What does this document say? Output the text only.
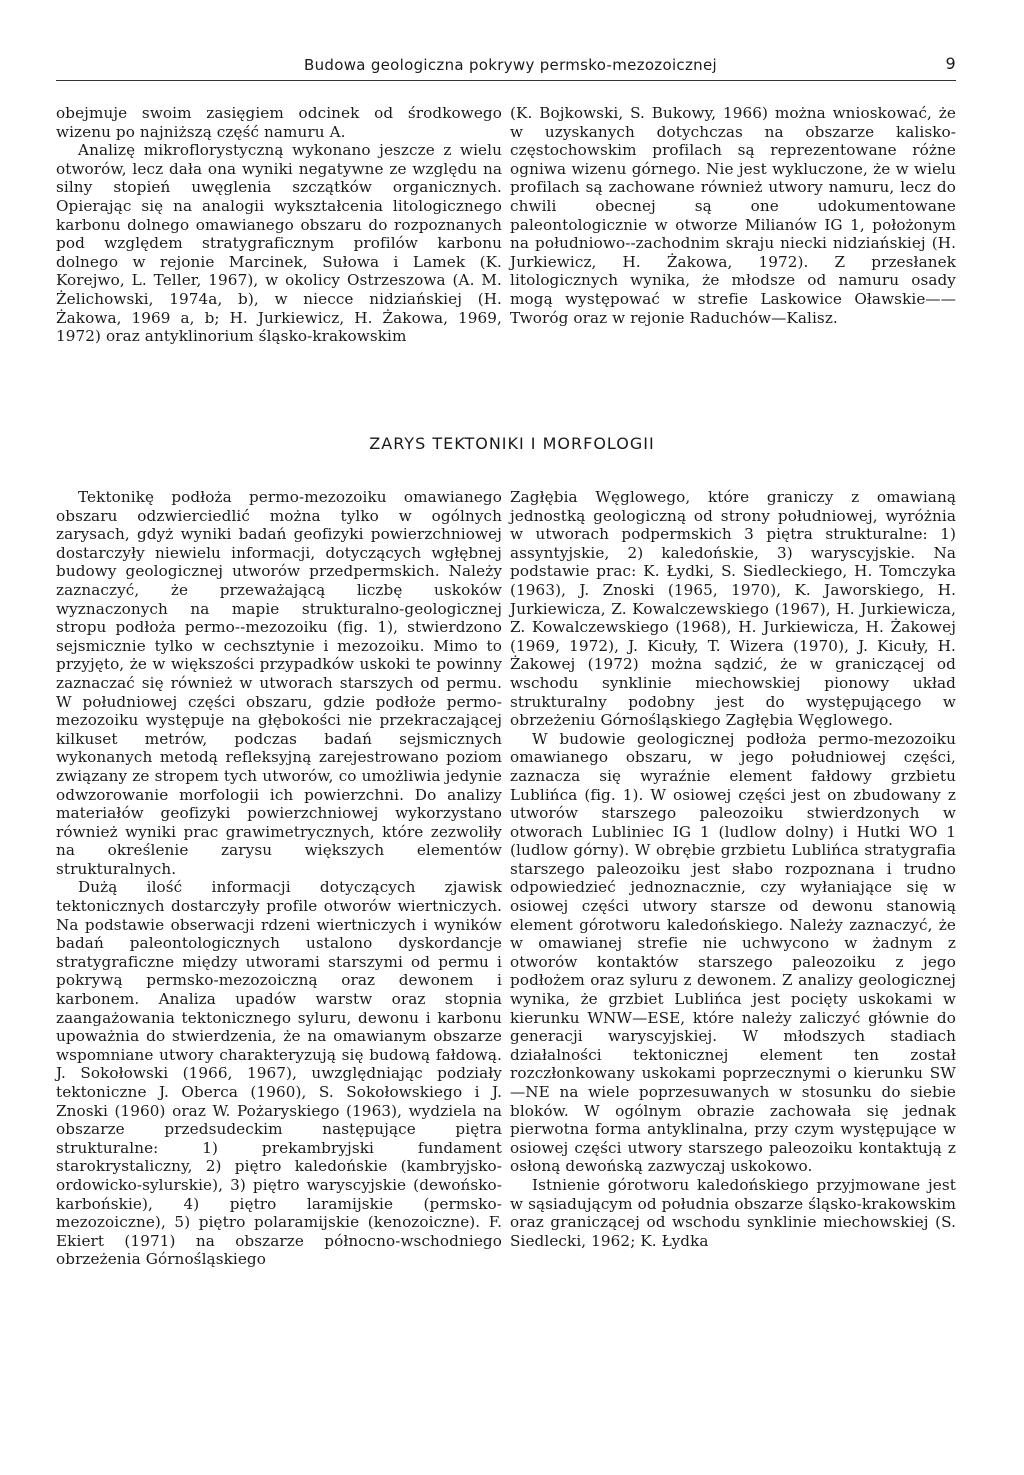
Budowa geologiczna pokrywy permsko-mezozoicznej	9

obejmuje swoim zasięgiem odcinek od środkowego wizenu po najniższą część namuru A.

Analizę mikroflorystyczną wykonano jeszcze z wielu otworów, lecz dała ona wyniki negatywne ze względu na silny stopień uwęglenia szczątków organicznych. Opierając się na analogii wykształcenia litologicznego karbonu dolnego omawianego obszaru do rozpoznanych pod względem stratygraficznym profilów karbonu dolnego w rejonie Marcinek, Sułowa i Lamek (K. Korejwo, L. Teller, 1967), w okolicy Ostrzeszowa (A. M. Żelichowski, 1974a, b), w niecce nidziańskiej (H. Żakowa, 1969 a, b; H. Jurkiewicz, H. Żakowa, 1969, 1972) oraz antyklinorium śląsko-krakowskim

(K. Bojkowski, S. Bukowy, 1966) można wnioskować, że w uzyskanych dotychczas na obszarze kalisko-częstochowskim profilach są reprezentowane różne ogniwa wizenu górnego. Nie jest wykluczone, że w wielu profilach są zachowane również utwory namuru, lecz do chwili obecnej są one udokumentowane paleontologicznie w otworze Milianów IG 1, położonym na południowo--zachodnim skraju niecki nidziańskiej (H. Jurkiewicz, H. Żakowa, 1972). Z przesłanek litologicznych wynika, że młodsze od namuru osady mogą występować w strefie Laskowice Oławskie——Tworóg oraz w rejonie Raduchów—Kalisz.

ZARYS TEKTONIKI I MORFOLOGII

Tektonikę podłoża permo-mezozoiku omawianego obszaru odzwierciedlić można tylko w ogólnych zarysach, gdyż wyniki badań geofizyki powierzchniowej dostarczyły niewielu informacji, dotyczących wgłębnej budowy geologicznej utworów przedpermskich. Należy zaznaczyć, że przeważającą liczbę uskoków wyznaczonych na mapie strukturalno-geologicznej stropu podłoża permo--mezozoiku (fig. 1), stwierdzono sejsmicznie tylko w cechsztynie i mezozoiku. Mimo to przyjęto, że w większości przypadków uskoki te powinny zaznaczać się również w utworach starszych od permu. W południowej części obszaru, gdzie podłoże permo-mezozoiku występuje na głębokości nie przekraczającej kilkuset metrów, podczas badań sejsmicznych wykonanych metodą refleksyjną zarejestrowano poziom związany ze stropem tych utworów, co umożliwia jedynie odwzorowanie morfologii ich powierzchni. Do analizy materiałów geofizyki powierzchniowej wykorzystano również wyniki prac grawimetrycznych, które zezwoliły na określenie zarysu większych elementów strukturalnych.

Dużą ilość informacji dotyczących zjawisk tektonicznych dostarczyły profile otworów wiertniczych. Na podstawie obserwacji rdzeni wiertniczych i wyników badań paleontologicznych ustalono dyskordancje stratygraficzne między utworami starszymi od permu i pokrywą permsko-mezozoiczną oraz dewonem i karbonem. Analiza upadów warstw oraz stopnia zaangażowania tektonicznego syluru, dewonu i karbonu upoważnia do stwierdzenia, że na omawianym obszarze wspomniane utwory charakteryzują się budową fałdową. J. Sokołowski (1966, 1967), uwzględniając podziały tektoniczne J. Oberca (1960), S. Sokołowskiego i J. Znoski (1960) oraz W. Pożaryskiego (1963), wydziela na obszarze przedsudeckim następujące piętra strukturalne: 1) prekambryjski fundament starokrystaliczny, 2) piętro kaledońskie (kambryjsko-ordowicko-sylurskie), 3) piętro waryscyjskie (dewońsko-karbońskie), 4) piętro laramijskie (permsko-mezozoiczne), 5) piętro polaramijskie (kenozoiczne). F. Ekiert (1971) na obszarze północno-wschodniego obrzeżenia Górnośląskiego

Zagłębia Węglowego, które graniczy z omawianą jednostką geologiczną od strony południowej, wyróżnia w utworach podpermskich 3 piętra strukturalne: 1) assyntyjskie, 2) kaledońskie, 3) waryscyjskie. Na podstawie prac: K. Łydki, S. Siedleckiego, H. Tomczyka (1963), J. Znoski (1965, 1970), K. Jaworskiego, H. Jurkiewicza, Z. Kowalczewskiego (1967), H. Jurkiewicza, Z. Kowalczewskiego (1968), H. Jurkiewicza, H. Żakowej (1969, 1972), J. Kicuły, T. Wizera (1970), J. Kicuły, H. Żakowej (1972) można sądzić, że w graniczącej od wschodu synklinie miechowskiej pionowy układ strukturalny podobny jest do występującego w obrzeżeniu Górnośląskiego Zagłębia Węglowego.

W budowie geologicznej podłoża permo-mezozoiku omawianego obszaru, w jego południowej części, zaznacza się wyraźnie element fałdowy grzbietu Lublińca (fig. 1). W osiowej części jest on zbudowany z utworów starszego paleozoiku stwierdzonych w otworach Lubliniec IG 1 (ludlow dolny) i Hutki WO 1 (ludlow górny). W obrębie grzbietu Lublińca stratygrafia starszego paleozoiku jest słabo rozpoznana i trudno odpowiedzieć jednoznacznie, czy wyłaniające się w osiowej części utwory starsze od dewonu stanowią element górotworu kaledońskiego. Należy zaznaczyć, że w omawianej strefie nie uchwycono w żadnym z otworów kontaktów starszego paleozoiku z jego podłożem oraz syluru z dewonem. Z analizy geologicznej wynika, że grzbiet Lublińca jest pocięty uskokami w kierunku WNW—ESE, które należy zaliczyć głównie do generacji waryscyjskiej. W młodszych stadiach działalności tektonicznej element ten został rozczłonkowany uskokami poprzecznymi o kierunku SW—NE na wiele poprzesuwanych w stosunku do siebie bloków. W ogólnym obrazie zachowała się jednak pierwotna forma antyklinalna, przy czym występujące w osiowej części utwory starszego paleozoiku kontaktują z osłoną dewońską zazwyczaj uskokowo.

Istnienie górotworu kaledońskiego przyjmowane jest w sąsiadującym od południa obszarze śląsko-krakowskim oraz graniczącej od wschodu synklinie miechowskiej (S. Siedlecki, 1962; K. Łydka
